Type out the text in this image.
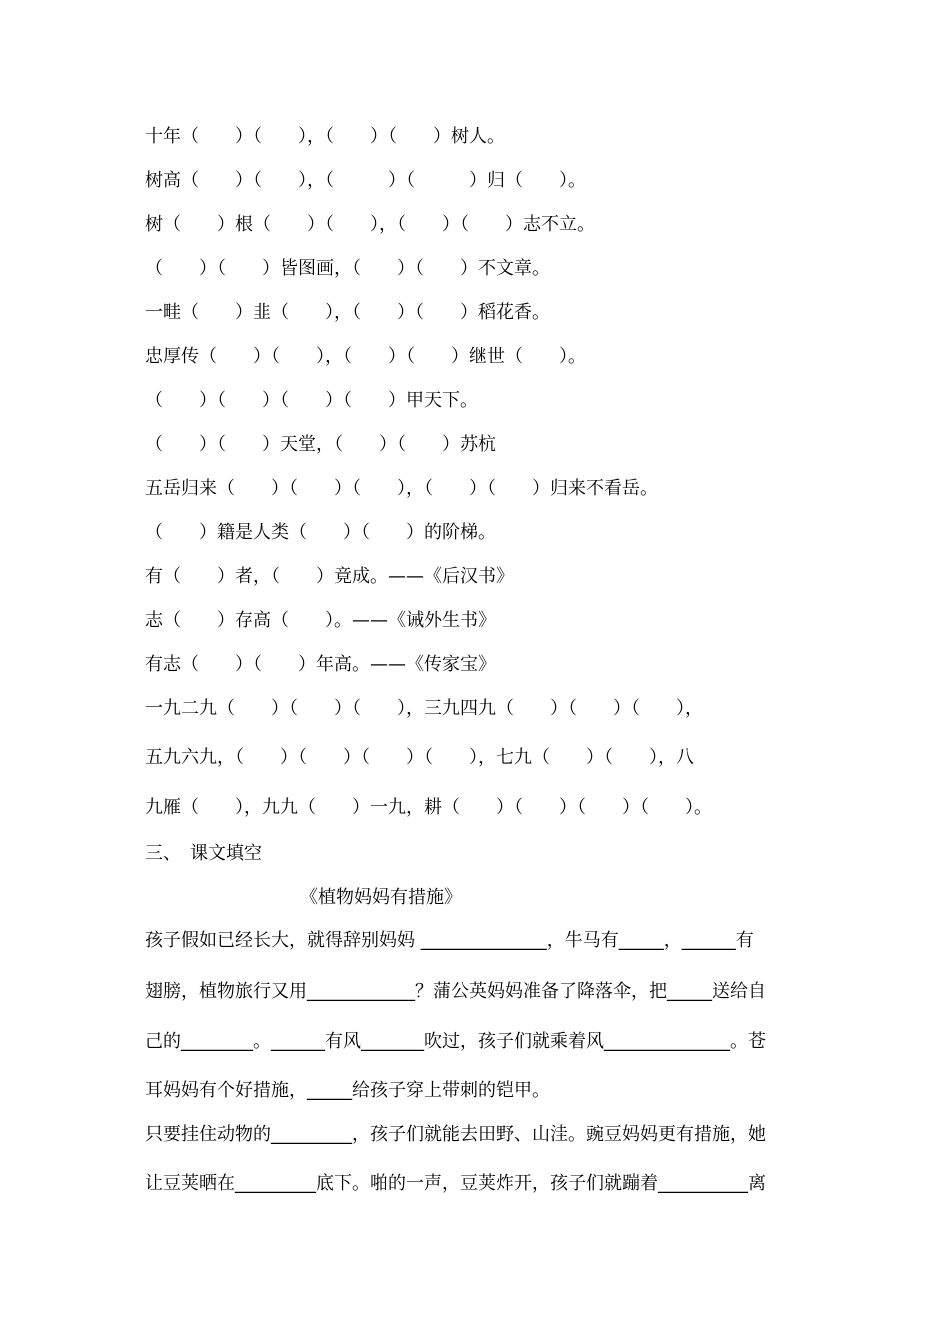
十年（　　）（　　），（　　）（　　）树人。

树高（　　）（　　），（　　　）（　　　）归（　　）。

树（　　）根（　　）（　　），（　　）（　　）志不立。

（　　）（　　）皆图画，（　　）（　　）不文章。

一畦（　　）韭（　　），（　　）（　　）稻花香。

忠厚传（　　）（　　），（　　）（　　）继世（　　）。

（　　）（　　）（　　）（　　）甲天下。

（　　）（　　）天堂，（　　）（　　）苏杭

五岳归来（　　）（　　）（　　），（　　）（　　）归来不看岳。

（　　）籍是人类（　　）（　　）的阶梯。

有（　　）者，（　　）竟成。——《后汉书》

志（　　）存高（　　）。——《诫外生书》

有志（　　）（　　）年高。——《传家宝》

一九二九（　　）（　　）（　　），三九四九（　　）（　　）（　　），

五九六九，（　　）（　　）（　　）（　　），七九（　　）（　　），八

九雁（　　），九九（　　）一九，耕（　　）（　　）（　　）（　　）。

三、　课文填空

《植物妈妈有措施》

孩子假如已经长大，就得辞别妈妈 ______________，牛马有_____，______有

翅膀，植物旅行又用____________？蒲公英妈妈准备了降落伞，把_____送给自

己的________。______有风_______吹过，孩子们就乘着风______________。苍

耳妈妈有个好措施，_____给孩子穿上带刺的铠甲。

只要挂住动物的_________，孩子们就能去田野、山洼。豌豆妈妈更有措施，她

让豆荚晒在_________底下。啪的一声，豆荚炸开，孩子们就蹦着__________离
